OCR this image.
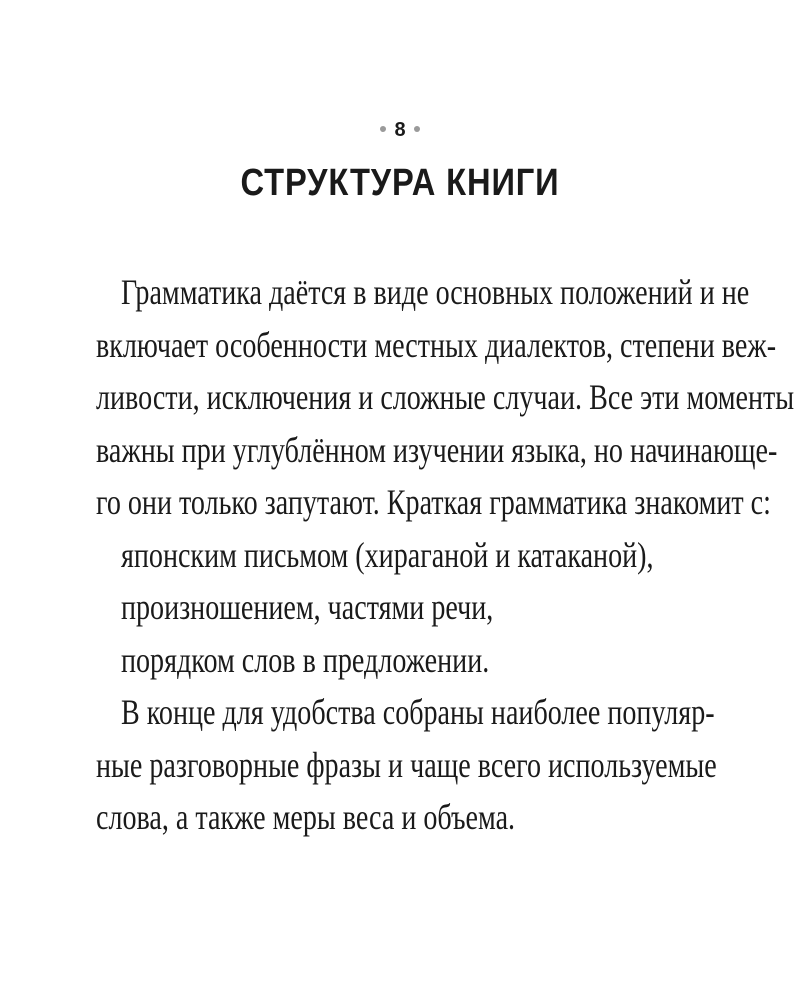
8
СТРУКТУРА КНИГИ

Грамматика даётся в виде основных положений и не
включает особенности местных диалектов, степени веж-
ливости, исключения и сложные случаи. Все эти моменты
важны при углублённом изучении языка, но начинающе-
го они только запутают. Краткая грамматика знакомит с:

японским письмом (хираганой и катаканой),
произношением, частями речи,
порядком слов в предложении.

В конце для удобства собраны наиболее популяр-
ные разговорные фразы и чаще всего используемые
слова, а также меры веса и объема.
